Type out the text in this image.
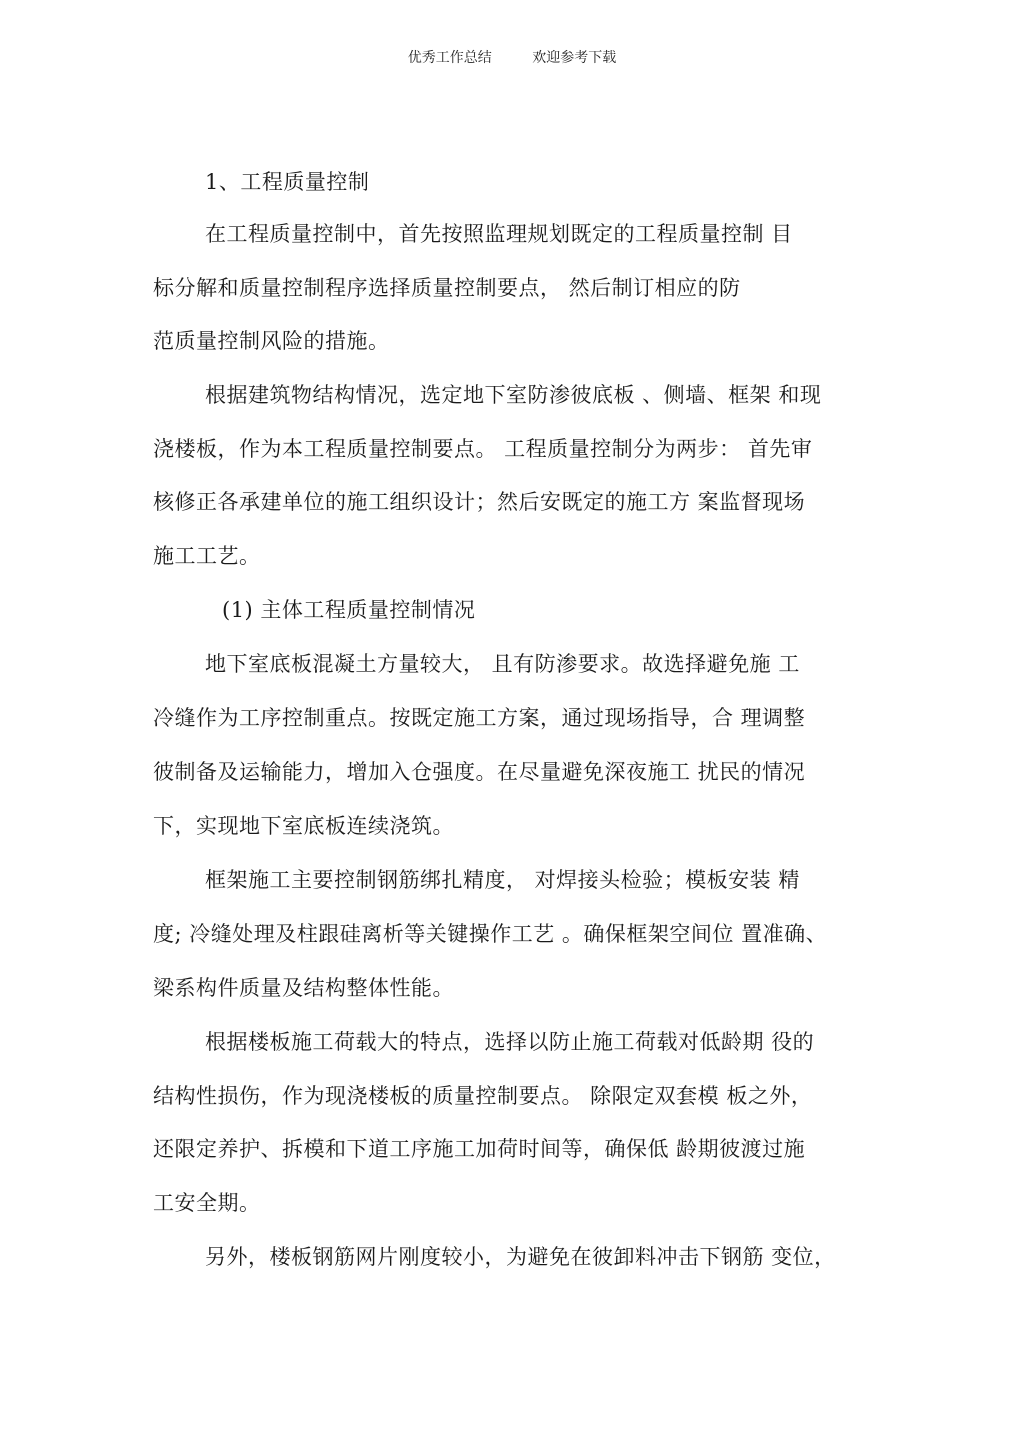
优秀工作总结	欢迎参考下载
1、工程质量控制
在工程质量控制中，首先按照监理规划既定的工程质量控制 目
标分解和质量控制程序选择质量控制要点， 然后制订相应的防
范质量控制风险的措施。
根据建筑物结构情况，选定地下室防渗彼底板 、侧墙、框架 和现
浇楼板，作为本工程质量控制要点。 工程质量控制分为两步： 首先审
核修正各承建单位的施工组织设计；然后安既定的施工方 案监督现场
施工工艺。
(1) 主体工程质量控制情况
地下室底板混凝土方量较大， 且有防渗要求。故选择避免施 工
冷缝作为工序控制重点。按既定施工方案，通过现场指导，合 理调整
彼制备及运输能力，增加入仓强度。在尽量避免深夜施工 扰民的情况
下，实现地下室底板连续浇筑。
框架施工主要控制钢筋绑扎精度， 对焊接头检验；模板安装 精
度; 冷缝处理及柱跟硅离析等关键操作工艺 。确保框架空间位 置准确、
梁系构件质量及结构整体性能。
根据楼板施工荷载大的特点，选择以防止施工荷载对低龄期 役的
结构性损伤，作为现浇楼板的质量控制要点。 除限定双套模 板之外，
还限定养护、拆模和下道工序施工加荷时间等，确保低 龄期彼渡过施
工安全期。
另外，楼板钢筋网片刚度较小，为避免在彼卸料冲击下钢筋 变位，
